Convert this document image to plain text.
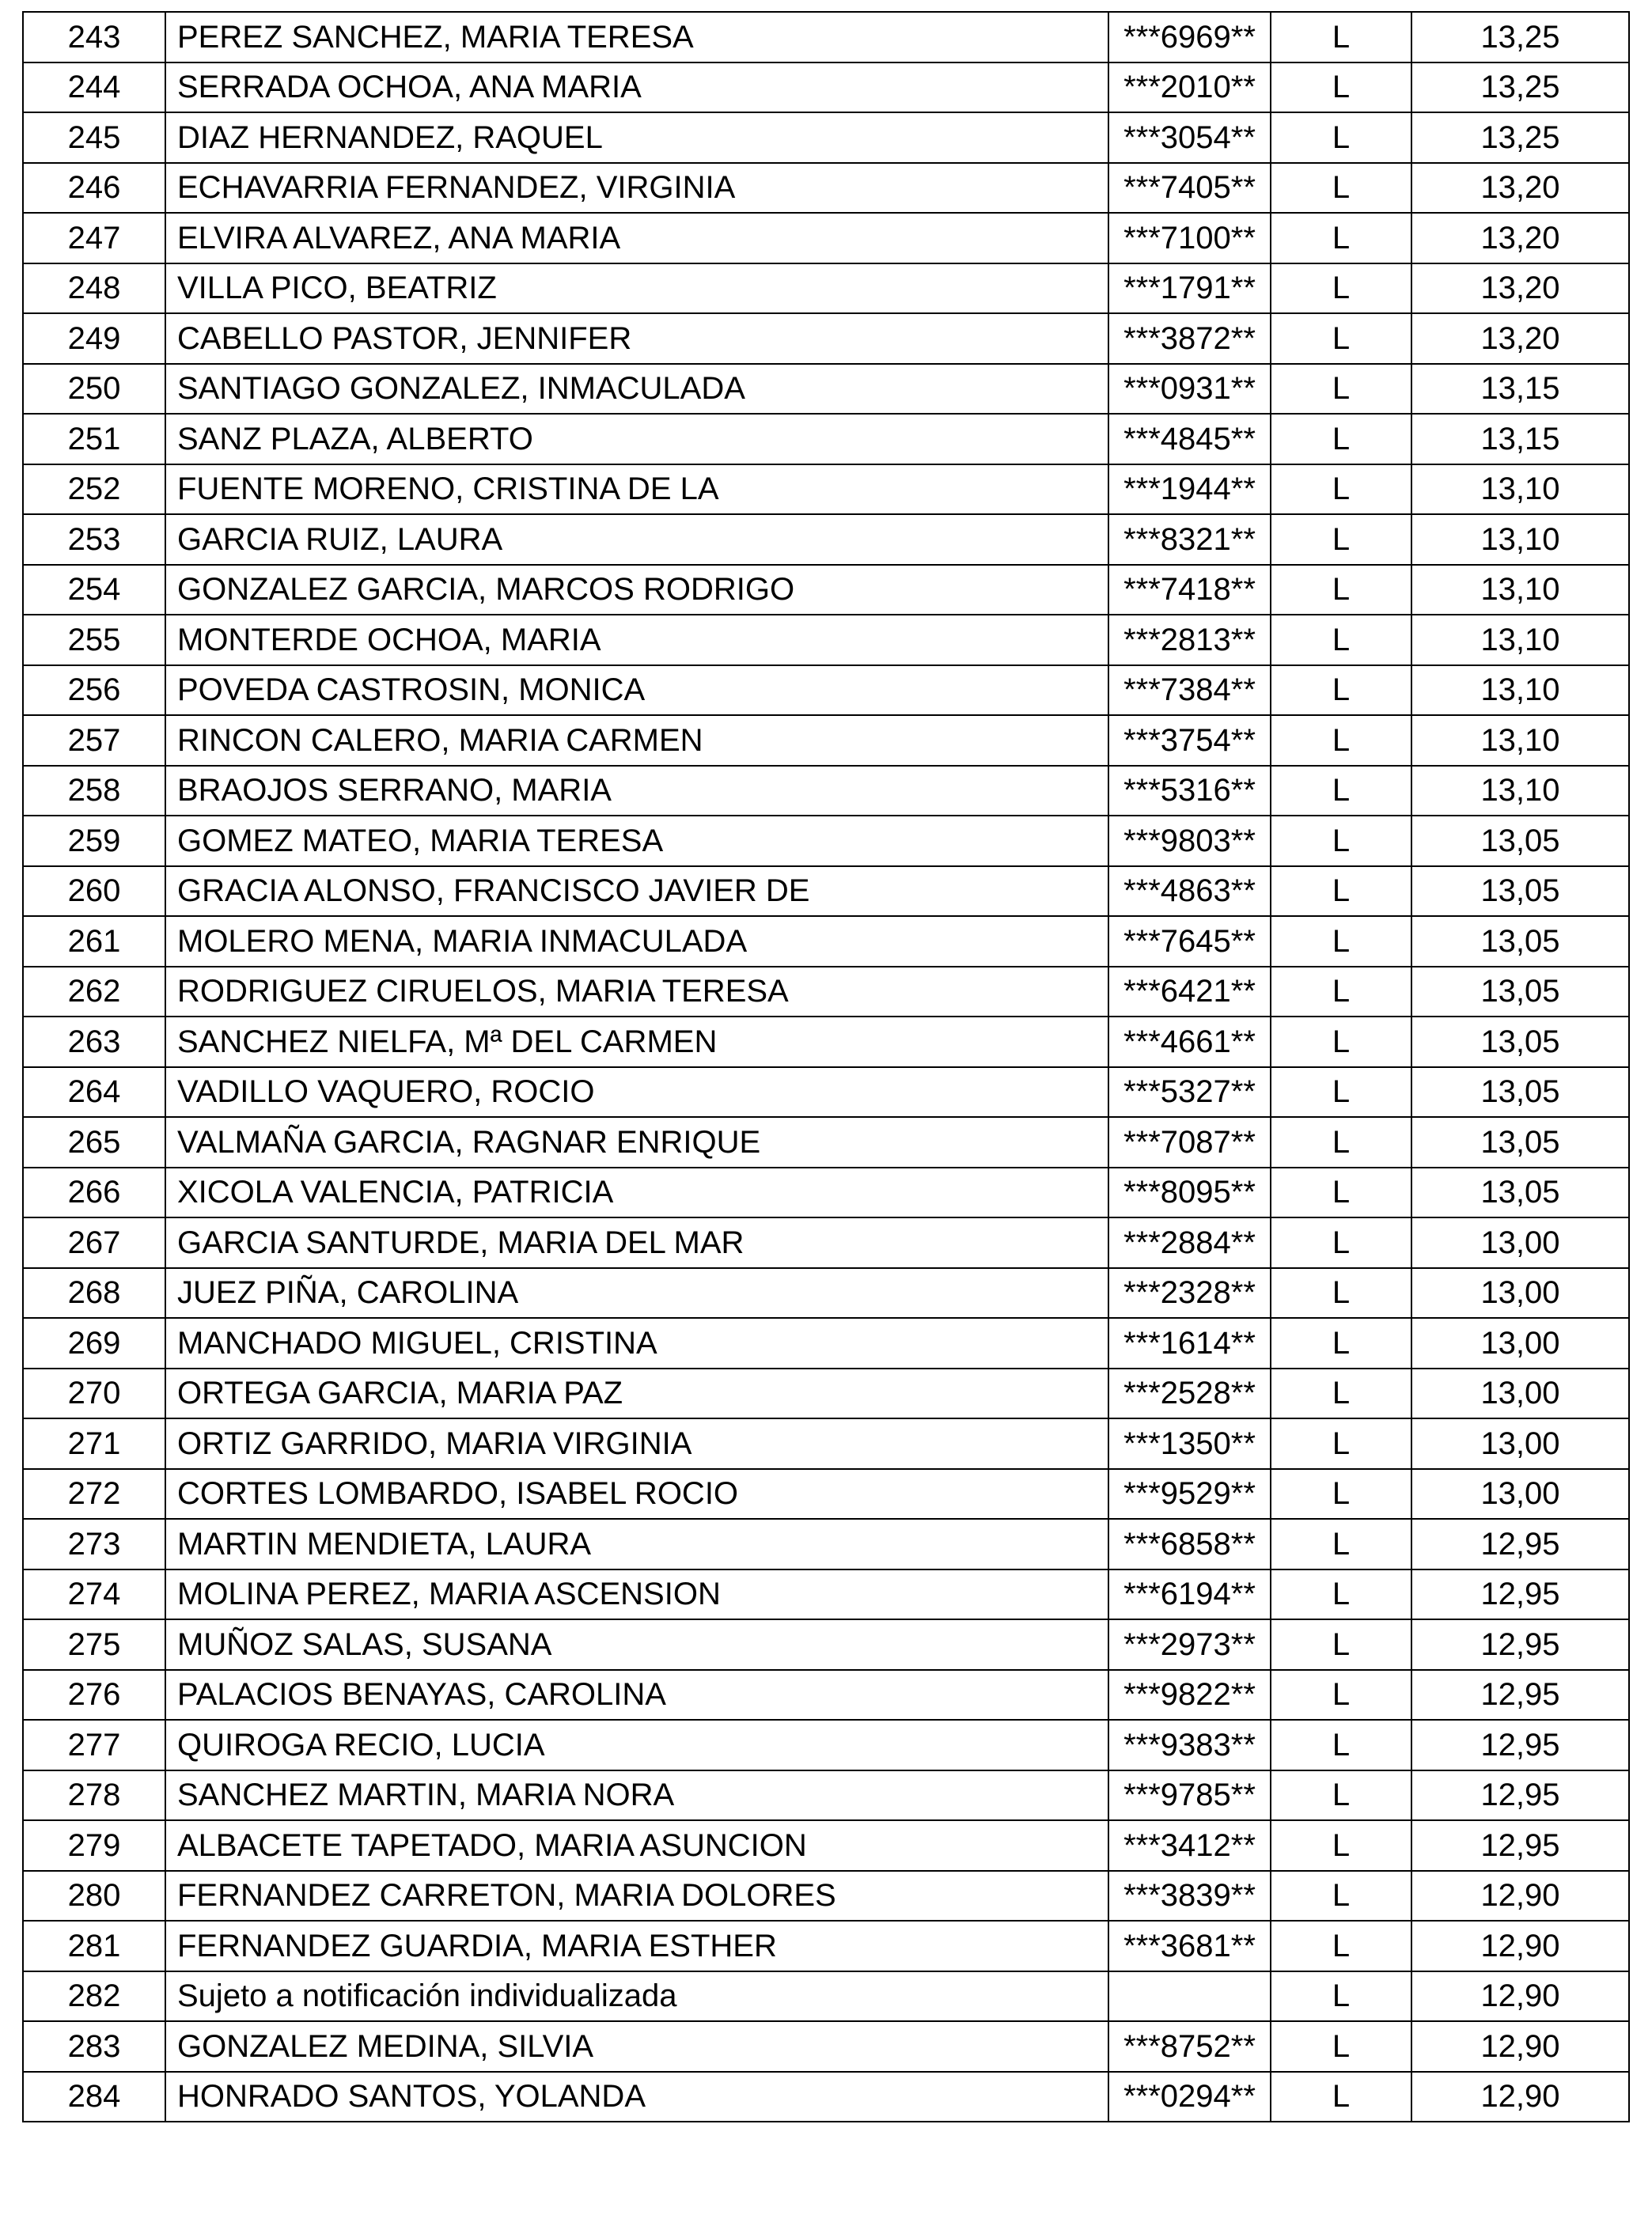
243	PEREZ SANCHEZ, MARIA TERESA	***6969**	L	13,25
244	SERRADA OCHOA, ANA MARIA	***2010**	L	13,25
245	DIAZ HERNANDEZ, RAQUEL	***3054**	L	13,25
246	ECHAVARRIA FERNANDEZ, VIRGINIA	***7405**	L	13,20
247	ELVIRA ALVAREZ, ANA MARIA	***7100**	L	13,20
248	VILLA PICO, BEATRIZ	***1791**	L	13,20
249	CABELLO PASTOR, JENNIFER	***3872**	L	13,20
250	SANTIAGO GONZALEZ, INMACULADA	***0931**	L	13,15
251	SANZ PLAZA, ALBERTO	***4845**	L	13,15
252	FUENTE MORENO, CRISTINA DE LA	***1944**	L	13,10
253	GARCIA RUIZ, LAURA	***8321**	L	13,10
254	GONZALEZ GARCIA, MARCOS RODRIGO	***7418**	L	13,10
255	MONTERDE OCHOA, MARIA	***2813**	L	13,10
256	POVEDA CASTROSIN, MONICA	***7384**	L	13,10
257	RINCON CALERO, MARIA CARMEN	***3754**	L	13,10
258	BRAOJOS SERRANO, MARIA	***5316**	L	13,10
259	GOMEZ MATEO, MARIA TERESA	***9803**	L	13,05
260	GRACIA ALONSO, FRANCISCO JAVIER DE	***4863**	L	13,05
261	MOLERO MENA, MARIA INMACULADA	***7645**	L	13,05
262	RODRIGUEZ CIRUELOS, MARIA TERESA	***6421**	L	13,05
263	SANCHEZ NIELFA, Mª DEL CARMEN	***4661**	L	13,05
264	VADILLO VAQUERO, ROCIO	***5327**	L	13,05
265	VALMAÑA GARCIA, RAGNAR ENRIQUE	***7087**	L	13,05
266	XICOLA VALENCIA, PATRICIA	***8095**	L	13,05
267	GARCIA SANTURDE, MARIA DEL MAR	***2884**	L	13,00
268	JUEZ PIÑA, CAROLINA	***2328**	L	13,00
269	MANCHADO MIGUEL, CRISTINA	***1614**	L	13,00
270	ORTEGA GARCIA, MARIA PAZ	***2528**	L	13,00
271	ORTIZ GARRIDO, MARIA VIRGINIA	***1350**	L	13,00
272	CORTES LOMBARDO, ISABEL ROCIO	***9529**	L	13,00
273	MARTIN MENDIETA, LAURA	***6858**	L	12,95
274	MOLINA PEREZ, MARIA ASCENSION	***6194**	L	12,95
275	MUÑOZ SALAS, SUSANA	***2973**	L	12,95
276	PALACIOS BENAYAS, CAROLINA	***9822**	L	12,95
277	QUIROGA RECIO, LUCIA	***9383**	L	12,95
278	SANCHEZ MARTIN, MARIA NORA	***9785**	L	12,95
279	ALBACETE TAPETADO, MARIA ASUNCION	***3412**	L	12,95
280	FERNANDEZ CARRETON, MARIA DOLORES	***3839**	L	12,90
281	FERNANDEZ GUARDIA, MARIA ESTHER	***3681**	L	12,90
282	Sujeto a notificación individualizada		L	12,90
283	GONZALEZ MEDINA, SILVIA	***8752**	L	12,90
284	HONRADO SANTOS, YOLANDA	***0294**	L	12,90
